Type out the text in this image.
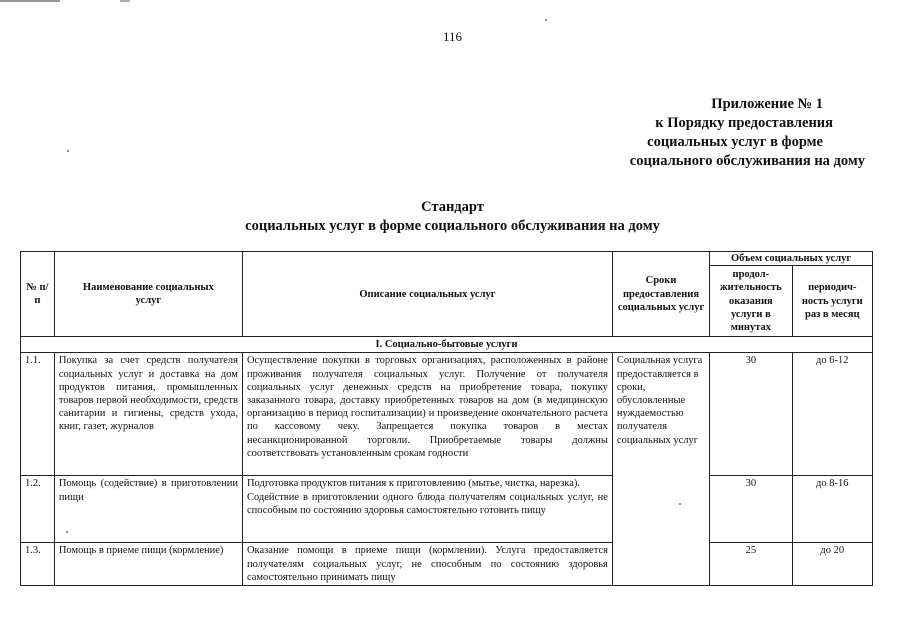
116
Приложение № 1
к Порядку предоставления
социальных услуг в форме
социального обслуживания на дому
Стандарт
социальных услуг в форме социального обслуживания на дому
№ п/п	Наименование социальных услуг	Описание социальных услуг	Сроки предоставления социальных услуг	Объем социальных услуг	
				продол-жительность оказания услуги в минутах	периодич-ность услуги раз в месяц
I. Социально-бытовые услуги					
1.1.	Покупка за счет средств получателя социальных услуг и доставка на дом продуктов питания, промышленных товаров первой необходимости, средств санитарии и гигиены, средств ухода, книг, газет, журналов	Осуществление покупки в торговых организациях, расположенных в районе проживания получателя социальных услуг. Получение от получателя социальных услуг денежных средств на приобретение товара, покупку заказанного товара, доставку приобретенных товаров на дом (в медицинскую организацию в период госпитализации) и произведение окончательного расчета по кассовому чеку. Запрещается покупка товаров в местах несанкционированной торговли. Приобретаемые товары должны соответствовать установленным срокам годности	Социальная услуга предоставляется в сроки, обусловленные нуждаемостью получателя социальных услуг	30	до 6-12
1.2.	Помощь (содействие) в приготовлении пищи	Подготовка продуктов питания к приготовлению (мытье, чистка, нарезка).
Содействие в приготовлении одного блюда получателям социальных услуг, не способным по состоянию здоровья самостоятельно готовить пищу		30	до 8-16
1.3.	Помощь в приеме пищи (кормление)	Оказание помощи в приеме пищи (кормлении). Услуга предоставляется получателям социальных услуг, не способным по состоянию здоровья самостоятельно принимать пищу		25	до 20
